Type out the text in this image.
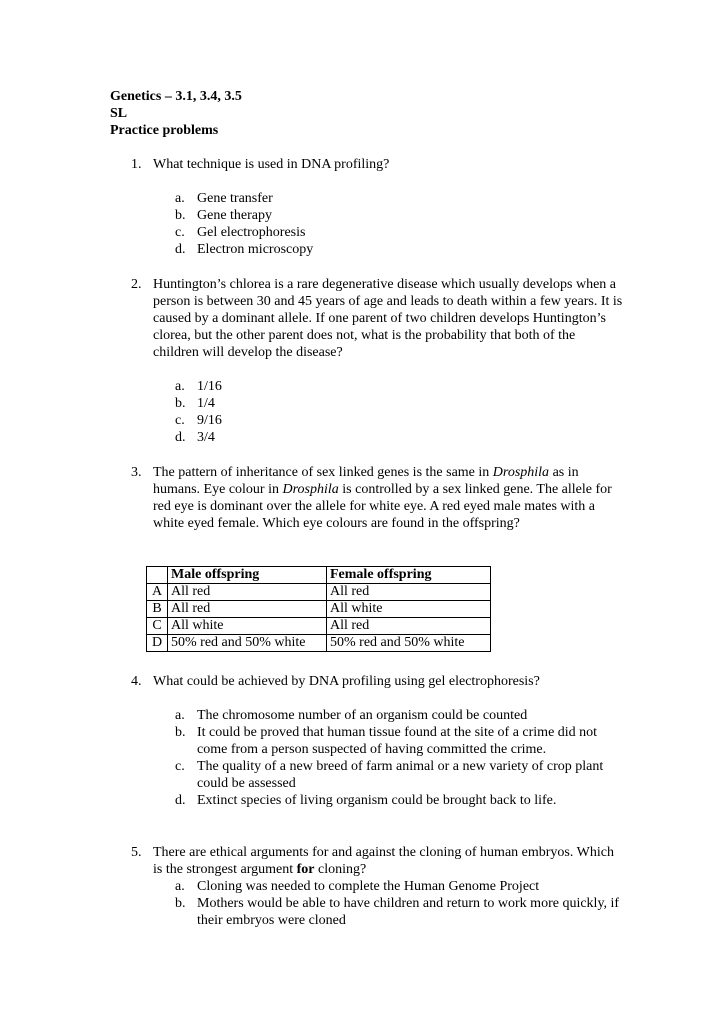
Genetics – 3.1, 3.4, 3.5
SL
Practice problems
1. What technique is used in DNA profiling?
a. Gene transfer
b. Gene therapy
c. Gel electrophoresis
d. Electron microscopy
2. Huntington’s chlorea is a rare degenerative disease which usually develops when a person is between 30 and 45 years of age and leads to death within a few years. It is caused by a dominant allele. If one parent of two children develops Huntington’s clorea, but the other parent does not, what is the probability that both of the children will develop the disease?
a. 1/16
b. 1/4
c. 9/16
d. 3/4
3. The pattern of inheritance of sex linked genes is the same in Drosphila as in humans. Eye colour in Drosphila is controlled by a sex linked gene. The allele for red eye is dominant over the allele for white eye. A red eyed male mates with a white eyed female. Which eye colours are found in the offspring?
	Male offspring	Female offspring
A	All red	All red
B	All red	All white
C	All white	All red
D	50% red and 50% white	50% red and 50% white
4. What could be achieved by DNA profiling using gel electrophoresis?
a. The chromosome number of an organism could be counted
b. It could be proved that human tissue found at the site of a crime did not come from a person suspected of having committed the crime.
c. The quality of a new breed of farm animal or a new variety of crop plant could be assessed
d. Extinct species of living organism could be brought back to life.
5. There are ethical arguments for and against the cloning of human embryos. Which is the strongest argument for cloning?
a. Cloning was needed to complete the Human Genome Project
b. Mothers would be able to have children and return to work more quickly, if their embryos were cloned
